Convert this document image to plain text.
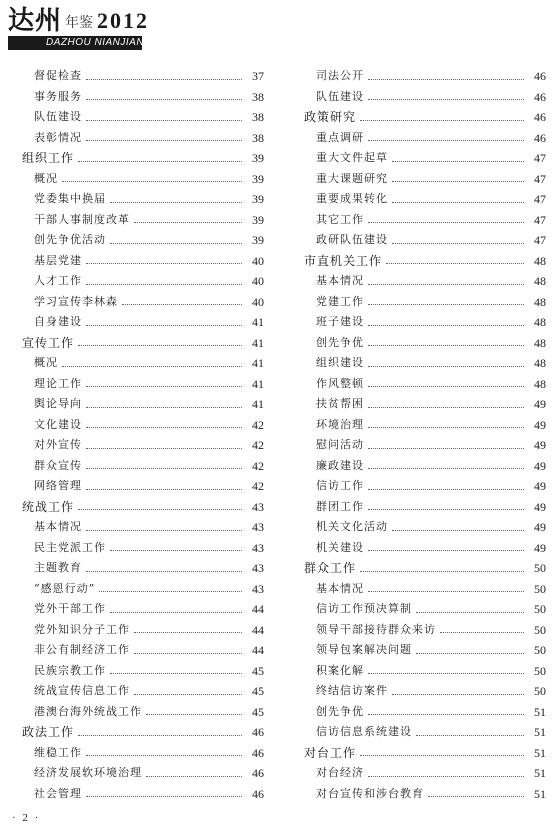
达州 年鉴 2012
DAZHOU NIANJIAN
督促检查	37
事务服务	38
队伍建设	38
表彰情况	38
组织工作	39
概况	39
党委集中换届	39
干部人事制度改革	39
创先争优活动	39
基层党建	40
人才工作	40
学习宣传李林森	40
自身建设	41
宣传工作	41
概况	41
理论工作	41
舆论导向	41
文化建设	42
对外宣传	42
群众宣传	42
网络管理	42
统战工作	43
基本情况	43
民主党派工作	43
主题教育	43
“感恩行动”	43
党外干部工作	44
党外知识分子工作	44
非公有制经济工作	44
民族宗教工作	45
统战宣传信息工作	45
港澳台海外统战工作	45
政法工作	46
维稳工作	46
经济发展软环境治理	46
社会管理	46
司法公开	46
队伍建设	46
政策研究	46
重点调研	46
重大文件起草	47
重大课题研究	47
重要成果转化	47
其它工作	47
政研队伍建设	47
市直机关工作	48
基本情况	48
党建工作	48
班子建设	48
创先争优	48
组织建设	48
作风整顿	48
扶贫帮困	49
环境治理	49
慰问活动	49
廉政建设	49
信访工作	49
群团工作	49
机关文化活动	49
机关建设	49
群众工作	50
基本情况	50
信访工作预决算制	50
领导干部接待群众来访	50
领导包案解决问题	50
积案化解	50
终结信访案件	50
创先争优	51
信访信息系统建设	51
对台工作	51
对台经济	51
对台宣传和涉台教育	51
· 2 ·
